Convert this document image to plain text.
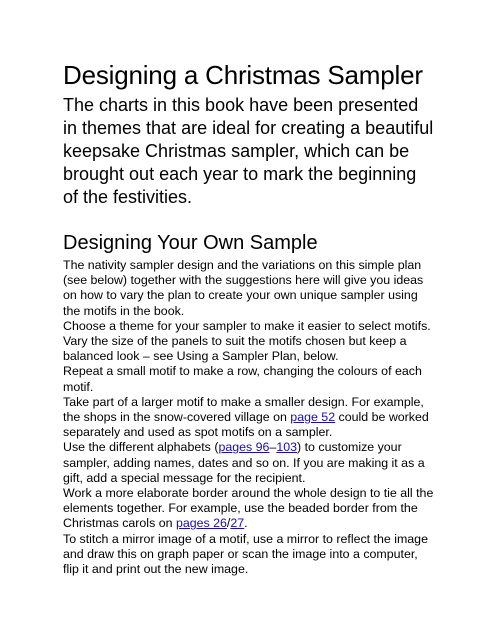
Designing a Christmas Sampler

The charts in this book have been presented in themes that are ideal for creating a beautiful keepsake Christmas sampler, which can be brought out each year to mark the beginning of the festivities.

Designing Your Own Sample

The nativity sampler design and the variations on this simple plan (see below) together with the suggestions here will give you ideas on how to vary the plan to create your own unique sampler using the motifs in the book.

Choose a theme for your sampler to make it easier to select motifs.

Vary the size of the panels to suit the motifs chosen but keep a balanced look – see Using a Sampler Plan, below.

Repeat a small motif to make a row, changing the colours of each motif.

Take part of a larger motif to make a smaller design. For example, the shops in the snow-covered village on page 52 could be worked separately and used as spot motifs on a sampler.

Use the different alphabets (pages 96–103) to customize your sampler, adding names, dates and so on. If you are making it as a gift, add a special message for the recipient.

Work a more elaborate border around the whole design to tie all the elements together. For example, use the beaded border from the Christmas carols on pages 26/27.

To stitch a mirror image of a motif, use a mirror to reflect the image and draw this on graph paper or scan the image into a computer, flip it and print out the new image.
